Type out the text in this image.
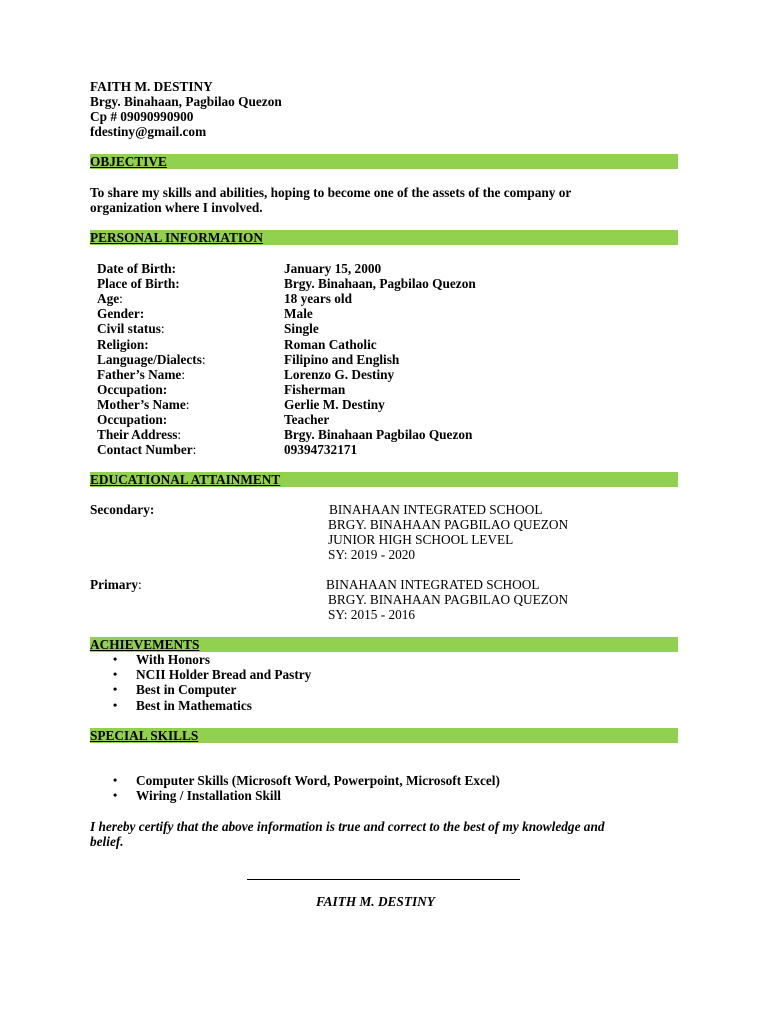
FAITH M. DESTINY
Brgy. Binahaan, Pagbilao Quezon
Cp # 09090990900
fdestiny@gmail.com
OBJECTIVE
To share my skills and abilities, hoping to become one of the assets of the company or
organization where I involved.
PERSONAL INFORMATION
Date of Birth:	January 15, 2000
Place of Birth:	Brgy. Binahaan, Pagbilao Quezon
Age:	18 years old
Gender:	Male
Civil status:	Single
Religion:	Roman Catholic
Language/Dialects:	Filipino and English
Father’s Name:	Lorenzo G. Destiny
Occupation:	Fisherman
Mother’s Name:	Gerlie M. Destiny
Occupation:	Teacher
Their Address:	Brgy. Binahaan Pagbilao Quezon
Contact Number:	09394732171
EDUCATIONAL ATTAINMENT
Secondary:	BINAHAAN INTEGRATED SCHOOL
BRGY. BINAHAAN PAGBILAO QUEZON
JUNIOR HIGH SCHOOL LEVEL
SY: 2019 - 2020
Primary:	BINAHAAN INTEGRATED SCHOOL
BRGY. BINAHAAN PAGBILAO QUEZON
SY: 2015 - 2016
ACHIEVEMENTS
• With Honors
• NCII Holder Bread and Pastry
• Best in Computer
• Best in Mathematics
SPECIAL SKILLS
• Computer Skills (Microsoft Word, Powerpoint, Microsoft Excel)
• Wiring / Installation Skill
I hereby certify that the above information is true and correct to the best of my knowledge and
belief.
FAITH M. DESTINY
